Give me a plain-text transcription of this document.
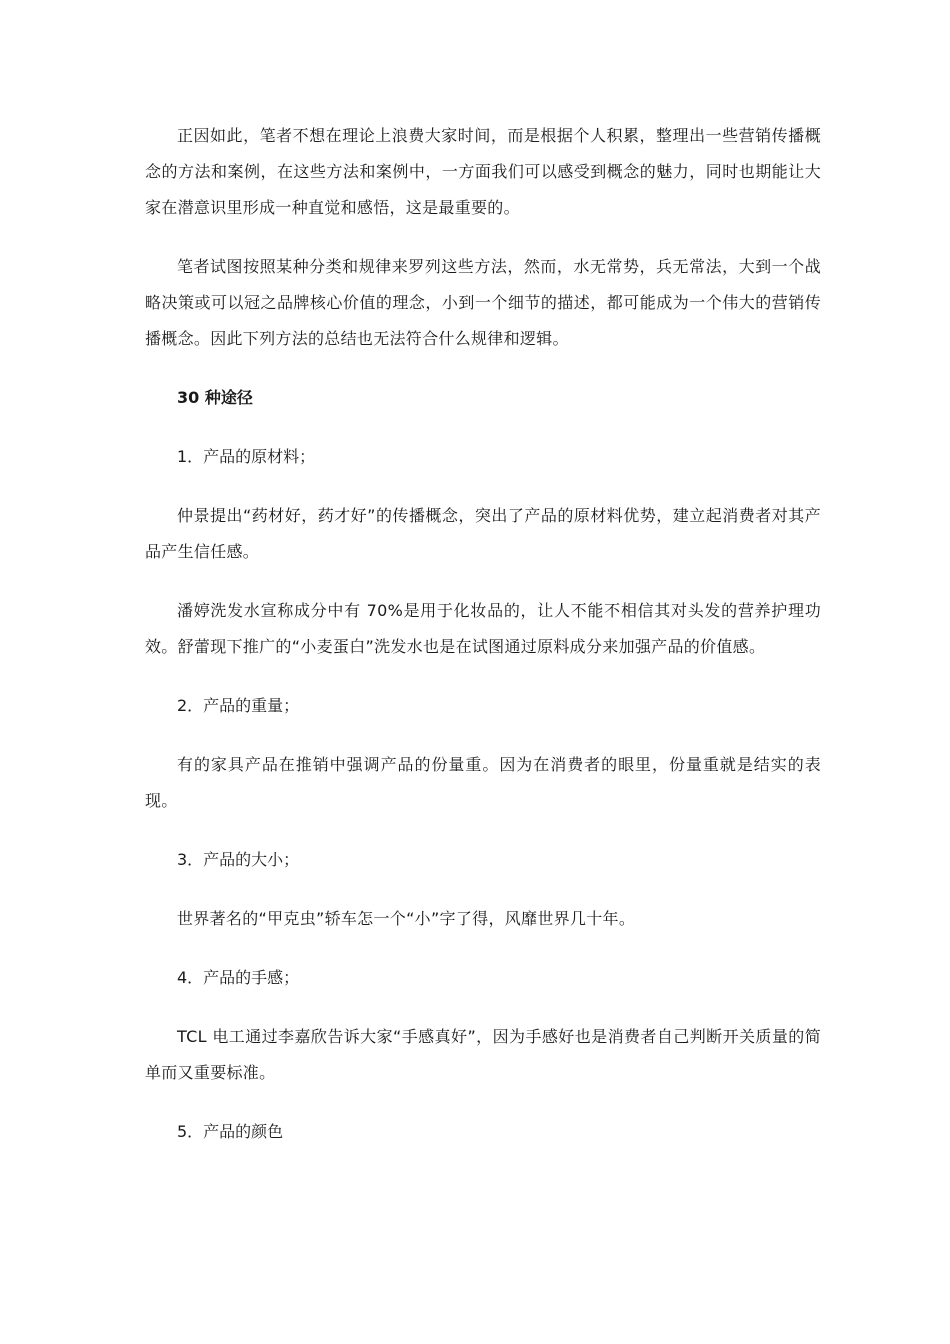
正因如此，笔者不想在理论上浪费大家时间，而是根据个人积累，整理出一些营销传播概念的方法和案例，在这些方法和案例中，一方面我们可以感受到概念的魅力，同时也期能让大家在潜意识里形成一种直觉和感悟，这是最重要的。

笔者试图按照某种分类和规律来罗列这些方法，然而，水无常势，兵无常法，大到一个战略决策或可以冠之品牌核心价值的理念，小到一个细节的描述，都可能成为一个伟大的营销传播概念。因此下列方法的总结也无法符合什么规律和逻辑。

30 种途径

1．产品的原材料；

仲景提出“药材好，药才好”的传播概念，突出了产品的原材料优势，建立起消费者对其产品产生信任感。

潘婷洗发水宣称成分中有 70%是用于化妆品的，让人不能不相信其对头发的营养护理功效。舒蕾现下推广的“小麦蛋白”洗发水也是在试图通过原料成分来加强产品的价值感。

2．产品的重量；

有的家具产品在推销中强调产品的份量重。因为在消费者的眼里，份量重就是结实的表现。

3．产品的大小；

世界著名的“甲克虫”轿车怎一个“小”字了得，风靡世界几十年。

4．产品的手感；

TCL 电工通过李嘉欣告诉大家“手感真好”，因为手感好也是消费者自己判断开关质量的简单而又重要标准。

5．产品的颜色
